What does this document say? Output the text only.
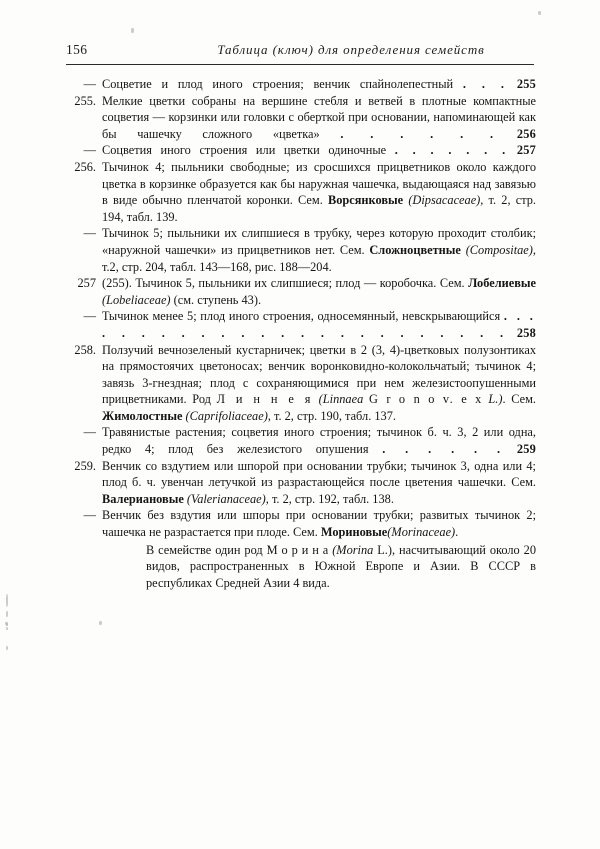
156	Таблица (ключ) для определения семейств
— Соцветие и плод иного строения; венчик спайнолепестный . . . 255
255. Мелкие цветки собраны на вершине стебля и ветвей в плотные компактные соцветия — корзинки или головки с оберткой при основании, напоминающей как бы чашечку сложного «цветка» . . . . . . 256
— Соцветия иного строения или цветки одиночные . . . . . . . 257
256. Тычинок 4; пыльники свободные; из сросшихся прицветников около каждого цветка в корзинке образуется как бы наружная чашечка, выдающаяся над завязью в виде обычно пленчатой коронки. Сем. Ворсянковые (Dipsacaceae), т. 2, стр. 194, табл. 139.
— Тычинок 5; пыльники их слипшиеся в трубку, через которую проходит столбик; «наружной чашечки» из прицветников нет. Сем. Сложноцветные (Compositae), т.2, стр. 204, табл. 143—168, рис. 188—204.
257 (255). Тычинок 5, пыльники их слипшиеся; плод — коробочка. Сем. Лобелиевые (Lobeliaceae) (см. ступень 43).
— Тычинок менее 5; плод иного строения, односемянный, невскрывающийся . . . . . . . . . . . . . . . . . . . . . . . . 258
258. Ползучий вечнозеленый кустарничек; цветки в 2 (3, 4)-цветковых полузонтиках на прямостоячих цветоносах; венчик воронковидно-колокольчатый; тычинок 4; завязь 3-гнездная; плод с сохраняющимися при нем железистоопушенными прицветниками. Род Л и н н е я (Linnaea G r o n o v. e x L.). Сем. Жимолостные (Caprifoliaceae), т. 2, стр. 190, табл. 137.
— Травянистые растения; соцветия иного строения; тычинок б. ч. 3, 2 или одна, редко 4; плод без железистого опушения . . . . . . 259
259. Венчик со вздутием или шпорой при основании трубки; тычинок 3, одна или 4; плод б. ч. увенчан летучкой из разрастающейся после цветения чашечки. Сем. Валериановые (Valerianaceae), т. 2, стр. 192, табл. 138.
— Венчик без вздутия или шпоры при основании трубки; развитых тычинок 2; чашечка не разрастается при плоде. Сем. Мориновые(Morinaceae).
В семействе один род М о р и н а (Morina L.), насчитывающий около 20 видов, распространенных в Южной Европе и Азии. В СССР в республиках Средней Азии 4 вида.
